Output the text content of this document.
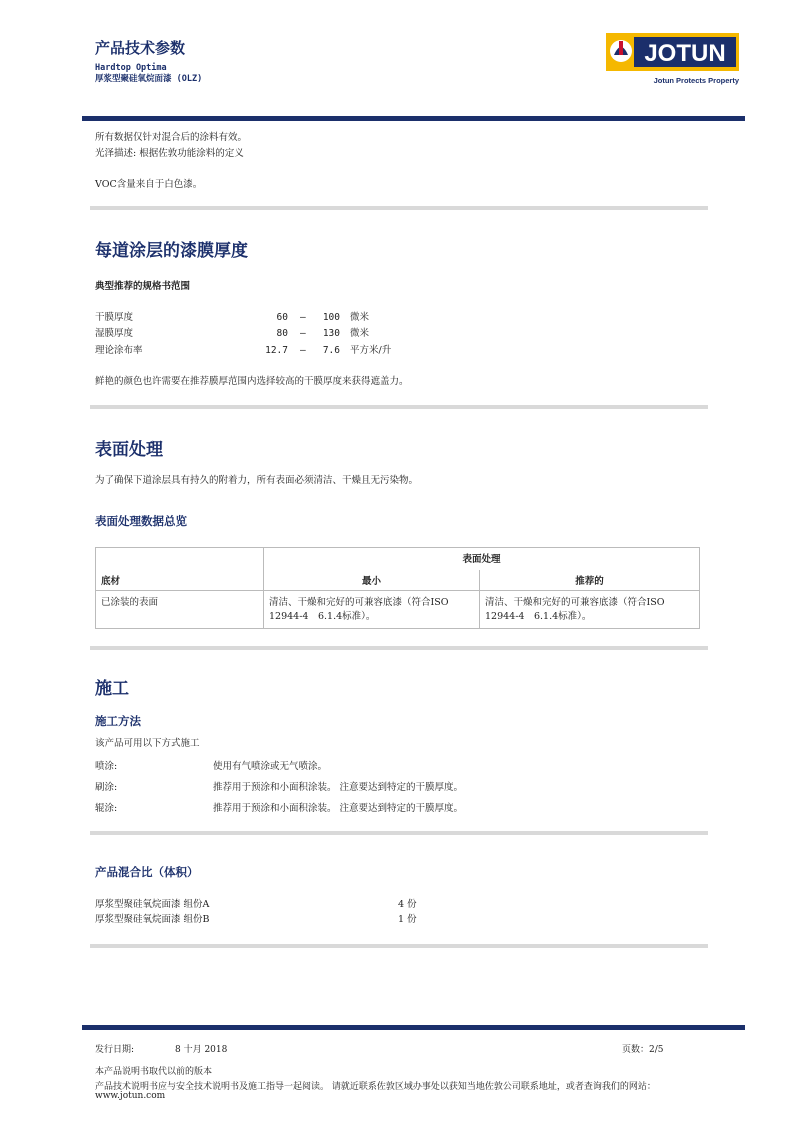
产品技术参数
Hardtop Optima
厚浆型聚硅氧烷面漆 (OLZ)
JOTUN
Jotun Protects Property
所有数据仅针对混合后的涂料有效。
光泽描述: 根据佐敦功能涂料的定义
VOC含量来自于白色漆。
每道涂层的漆膜厚度
典型推荐的规格书范围
干膜厚度	60 –	100 微米
湿膜厚度	80 –	130 微米
理论涂布率	12.7 –	7.6 平方米/升
鲜艳的颜色也许需要在推荐膜厚范围内选择较高的干膜厚度来获得遮盖力。
表面处理
为了确保下道涂层具有持久的附着力，所有表面必须清洁、干燥且无污染物。
表面处理数据总览
底材	表面处理	
	最小	推荐的
已涂装的表面	清洁、干燥和完好的可兼容底漆（符合ISO 12944-4　6.1.4标准）。	清洁、干燥和完好的可兼容底漆（符合ISO 12944-4　6.1.4标准）。
施工
施工方法
该产品可用以下方式施工
喷涂:	使用有气喷涂或无气喷涂。
刷涂:	推荐用于预涂和小面积涂装。 注意要达到特定的干膜厚度。
辊涂:	推荐用于预涂和小面积涂装。 注意要达到特定的干膜厚度。
产品混合比（体积）
厚浆型聚硅氧烷面漆 组份A	4 份
厚浆型聚硅氧烷面漆 组份B	1 份
发行日期:	8 十月 2018	页数：2/5
本产品说明书取代以前的版本
产品技术说明书应与安全技术说明书及施工指导一起阅读。 请就近联系佐敦区域办事处以获知当地佐敦公司联系地址，或者查询我们的网站：
www.jotun.com
